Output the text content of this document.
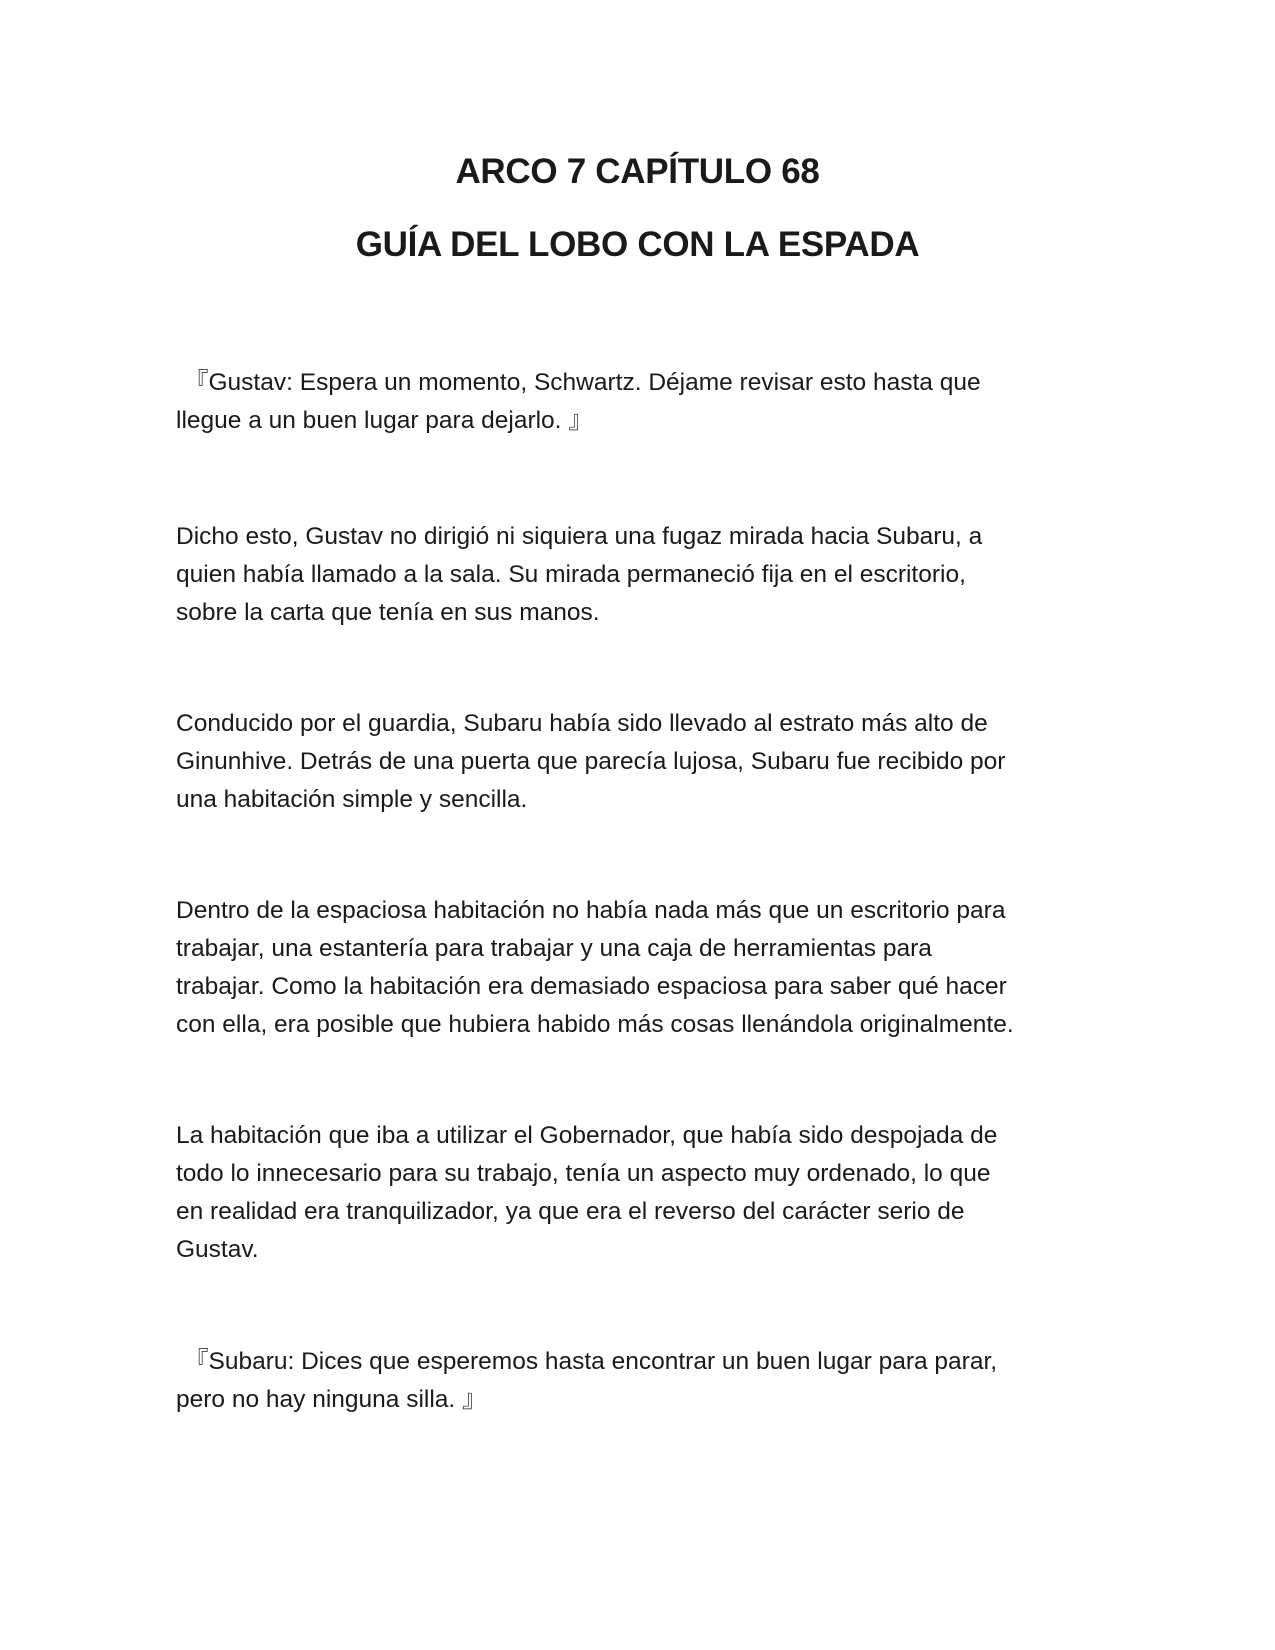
ARCO 7 CAPÍTULO 68
GUÍA DEL LOBO CON LA ESPADA
『Gustav: Espera un momento, Schwartz. Déjame revisar esto hasta que
llegue a un buen lugar para dejarlo. 』
Dicho esto, Gustav no dirigió ni siquiera una fugaz mirada hacia Subaru, a
quien había llamado a la sala. Su mirada permaneció fija en el escritorio,
sobre la carta que tenía en sus manos.
Conducido por el guardia, Subaru había sido llevado al estrato más alto de
Ginunhive. Detrás de una puerta que parecía lujosa, Subaru fue recibido por
una habitación simple y sencilla.
Dentro de la espaciosa habitación no había nada más que un escritorio para
trabajar, una estantería para trabajar y una caja de herramientas para
trabajar. Como la habitación era demasiado espaciosa para saber qué hacer
con ella, era posible que hubiera habido más cosas llenándola originalmente.
La habitación que iba a utilizar el Gobernador, que había sido despojada de
todo lo innecesario para su trabajo, tenía un aspecto muy ordenado, lo que
en realidad era tranquilizador, ya que era el reverso del carácter serio de
Gustav.
『Subaru: Dices que esperemos hasta encontrar un buen lugar para parar,
pero no hay ninguna silla. 』
